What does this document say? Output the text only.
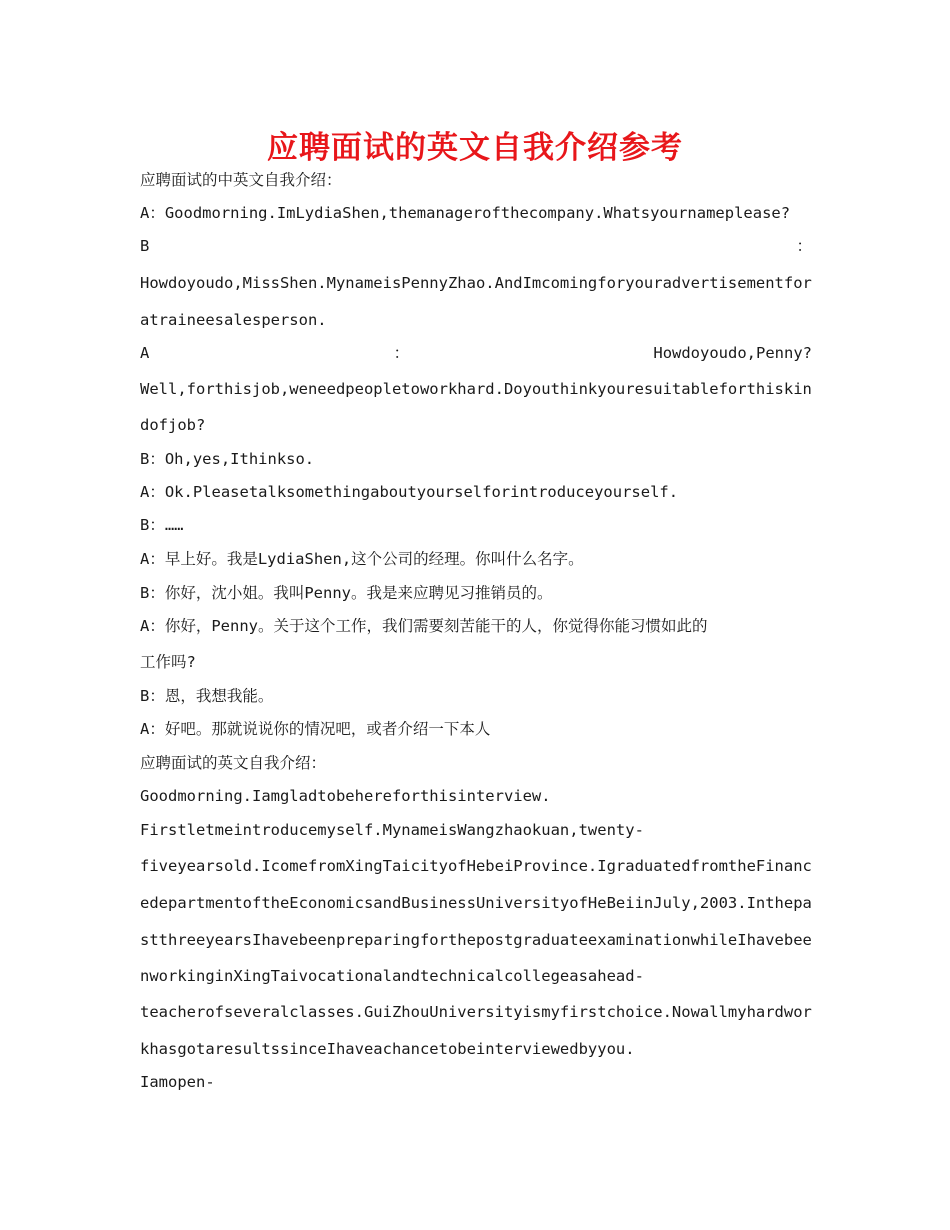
应聘面试的英文自我介绍参考

应聘面试的中英文自我介绍：

A：Goodmorning.ImLydiaShen,themanagerofthecompany.Whatsyournameplease?

B	：

Howdoyoudo,MissShen.MynameisPennyZhao.AndImcomingforyouradvertisementfor

atraineesalesperson.

A	：	Howdoyoudo,Penny?

Well,forthisjob,weneedpeopletoworkhard.Doyouthinkyouresuitableforthiskin

dofjob?

B：Oh,yes,Ithinkso.

A：Ok.Pleasetalksomethingaboutyourselforintroduceyourself.

B：……

A：早上好。我是LydiaShen,这个公司的经理。你叫什么名字。

B：你好，沈小姐。我叫Penny。我是来应聘见习推销员的。

A：你好，Penny。关于这个工作，我们需要刻苦能干的人，你觉得你能习惯如此的

工作吗?

B：恩，我想我能。

A：好吧。那就说说你的情况吧，或者介绍一下本人

应聘面试的英文自我介绍：

Goodmorning.Iamgladtobehereforthisinterview.

Firstletmeintroducemyself.MynameisWangzhaokuan,twenty-

fiveyearsold.IcomefromXingTaicityofHebeiProvince.IgraduatedfromtheFinanc

edepartmentoftheEconomicsandBusinessUniversityofHeBeiinJuly,2003.Inthepa

stthreeyearsIhavebeenpreparingforthepostgraduateexaminationwhileIhavebee

nworkinginXingTaivocationalandtechnicalcollegeasahead-

teacherofseveralclasses.GuiZhouUniversityismyfirstchoice.Nowallmyhardwor

khasgotaresultssinceIhaveachancetobeinterviewedbyyou.

Iamopen-
